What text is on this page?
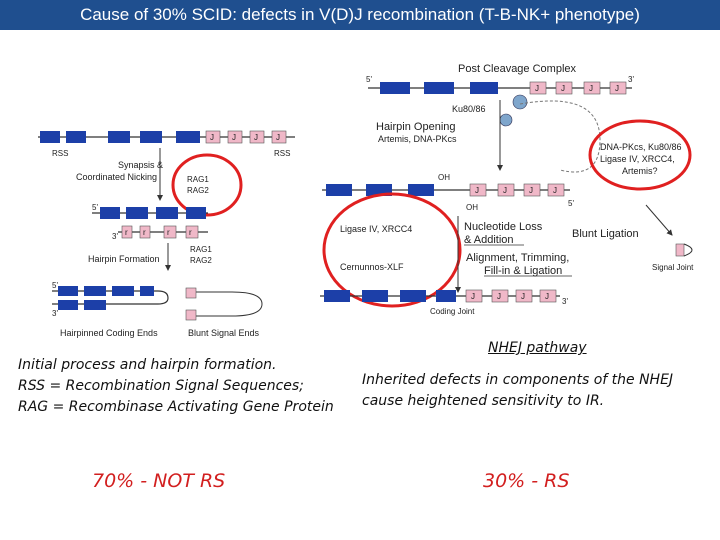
Cause of 30% SCID: defects in V(D)J recombination (T-B-NK+ phenotype)
J J J J
RSS	RSS
Synapsis &
Coordinated Nicking	RAG1
RAG2
5'
3' r r	r r
Hairpin Formation
RAG1
RAG2
5'
3'
Hairpinned Coding Ends	Blunt Signal Ends
Post Cleavage Complex
5'	3'
J	J	J	J
Ku80/86
Hairpin Opening
Artemis, DNA-PKcs
DNA-PKcs, Ku80/86
Ligase IV, XRCC4,
Artemis?
OH
J	J	J	J
OH	5'
Ligase IV, XRCC4
Cernunnos-XLF
Nucleotide Loss
& Addition
Alignment, Trimming,
Fill-in & Ligation
Blunt Ligation
Signal Joint
J	J	J	J
3'
Coding Joint
NHEJ pathway
Initial process and hairpin formation.
RSS = Recombination Signal Sequences;
RAG = Recombinase Activating Gene Protein
Inherited defects in components of the NHEJ
cause heightened sensitivity to IR.
70% - NOT RS	30% - RS
